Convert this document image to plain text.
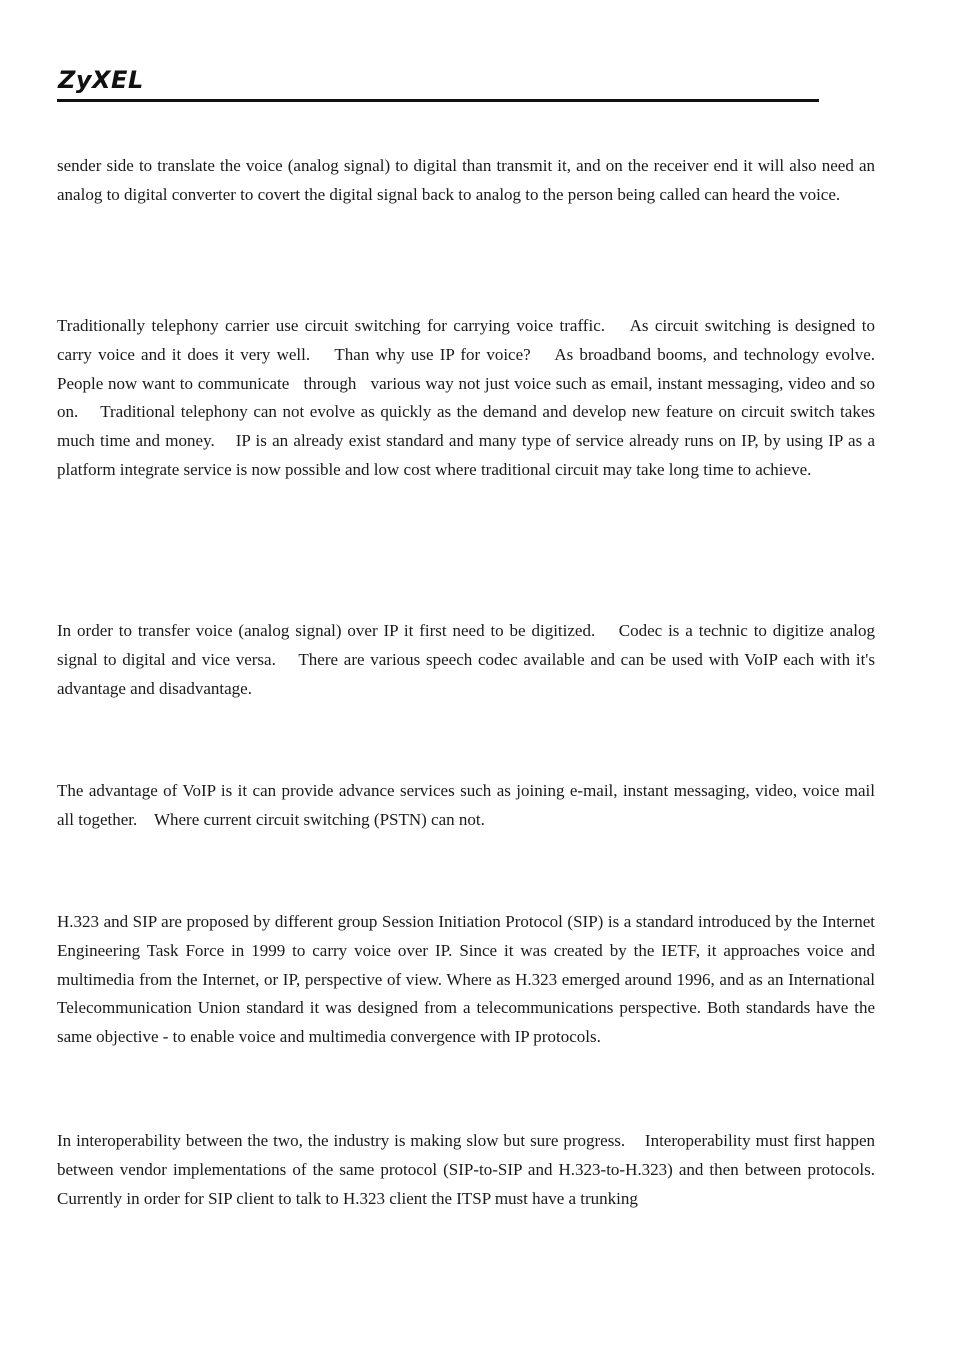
ZyXEL

sender side to translate the voice (analog signal) to digital than transmit it, and on the receiver end it will also need an analog to digital converter to covert the digital signal back to analog to the person being called can heard the voice.

Traditionally telephony carrier use circuit switching for carrying voice traffic.    As circuit switching is designed to carry voice and it does it very well.    Than why use IP for voice?    As broadband booms, and technology evolve.    People now want to communicate   through   various way not just voice such as email, instant messaging, video and so on.    Traditional telephony can not evolve as quickly as the demand and develop new feature on circuit switch takes much time and money.    IP is an already exist standard and many type of service already runs on IP, by using IP as a platform integrate service is now possible and low cost where traditional circuit may take long time to achieve.

In order to transfer voice (analog signal) over IP it first need to be digitized.    Codec is a technic to digitize analog signal to digital and vice versa.    There are various speech codec available and can be used with VoIP each with it's advantage and disadvantage.

The advantage of VoIP is it can provide advance services such as joining e-mail, instant messaging, video, voice mail all together.    Where current circuit switching (PSTN) can not.

H.323 and SIP are proposed by different group Session Initiation Protocol (SIP) is a standard introduced by the Internet Engineering Task Force in 1999 to carry voice over IP. Since it was created by the IETF, it approaches voice and multimedia from the Internet, or IP, perspective of view. Where as H.323 emerged around 1996, and as an International Telecommunication Union standard it was designed from a telecommunications perspective. Both standards have the same objective - to enable voice and multimedia convergence with IP protocols.

In interoperability between the two, the industry is making slow but sure progress.    Interoperability must first happen between vendor implementations of the same protocol (SIP-to-SIP and H.323-to-H.323) and then between protocols. Currently in order for SIP client to talk to H.323 client the ITSP must have a trunking
